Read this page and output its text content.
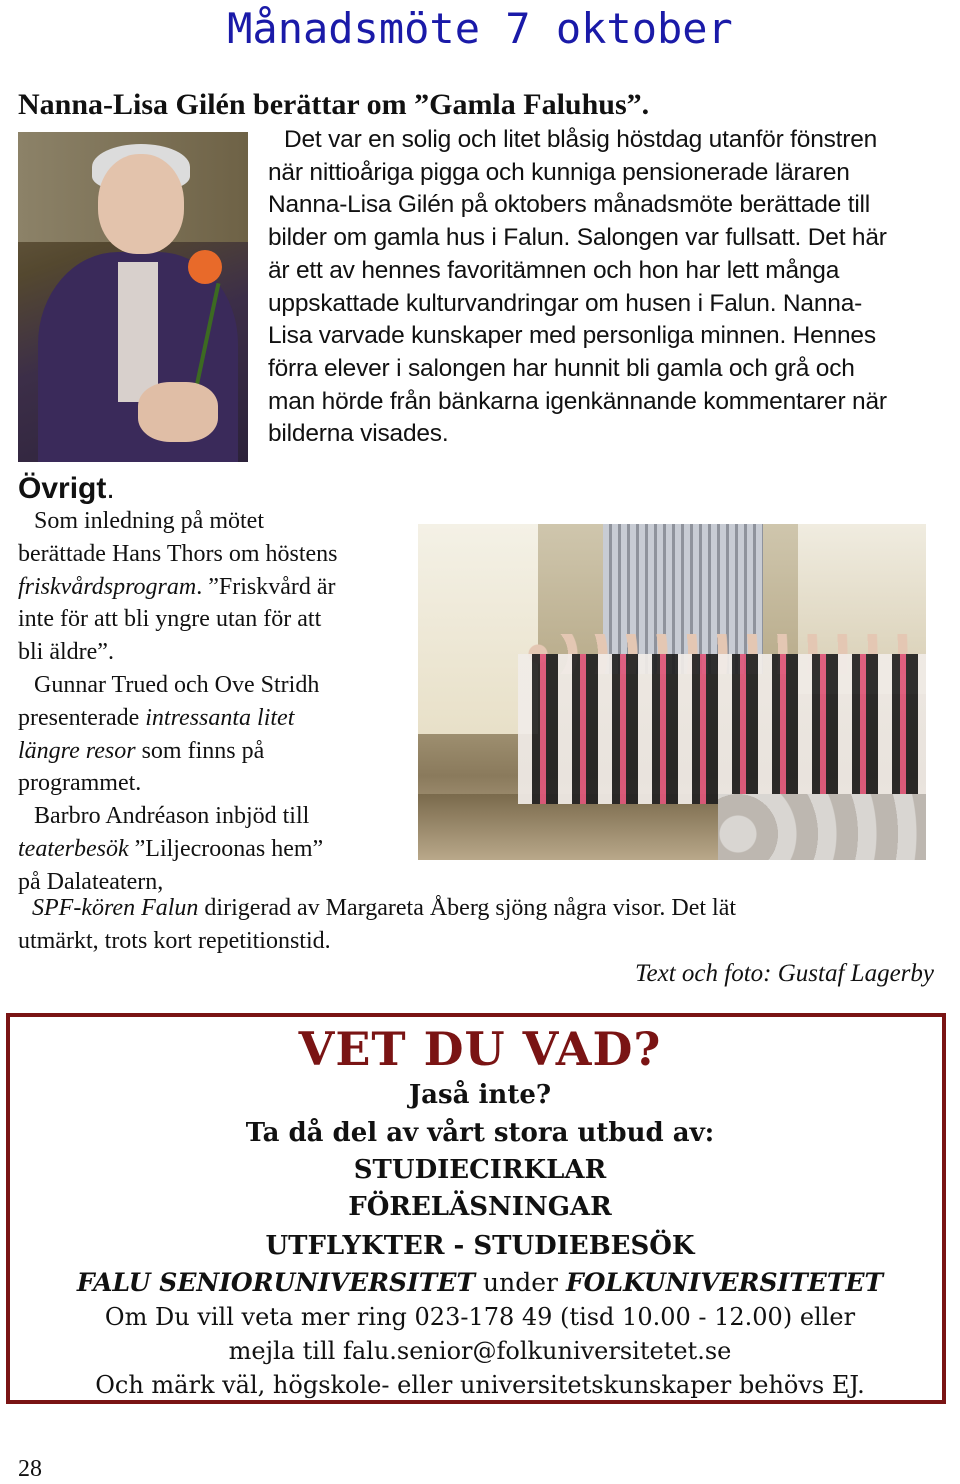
Månadsmöte 7 oktober
Nanna-Lisa Gilén berättar om ”Gamla Faluhus”.
Det var en solig och litet blåsig höstdag utanför fönstren
när nittioåriga pigga och kunniga pensionerade läraren
Nanna-Lisa Gilén på oktobers månadsmöte berättade till
bilder om gamla hus i Falun. Salongen var fullsatt. Det här
är ett av hennes favoritämnen och hon har lett många
uppskattade kulturvandringar om husen i Falun. Nanna-
Lisa varvade kunskaper med personliga minnen. Hennes
förra elever i salongen har hunnit bli gamla och grå och
man hörde från bänkarna igenkännande kommentarer när
bilderna visades.
Övrigt.
Som inledning på mötet
berättade Hans Thors om höstens
friskvårdsprogram. ”Friskvård är
inte för att bli yngre utan för att
bli äldre”.
Gunnar Trued och Ove Stridh
presenterade intressanta litet
längre resor som finns på
programmet.
Barbro Andréason inbjöd till
teaterbesök ”Liljecroonas hem”
på Dalateatern,
SPF-kören Falun dirigerad av Margareta Åberg sjöng några visor. Det lät
utmärkt, trots kort repetitionstid.
Text och foto: Gustaf Lagerby
VET DU VAD?
Jaså inte?
Ta då del av vårt stora utbud av:
STUDIECIRKLAR
FÖRELÄSNINGAR
UTFLYKTER - STUDIEBESÖK
FALU SENIORUNIVERSITET under FOLKUNIVERSITETET
Om Du vill veta mer ring 023-178 49 (tisd 10.00 - 12.00) eller
mejla till falu.senior@folkuniversitetet.se
Och märk väl, högskole- eller universitetskunskaper behövs EJ.
28
